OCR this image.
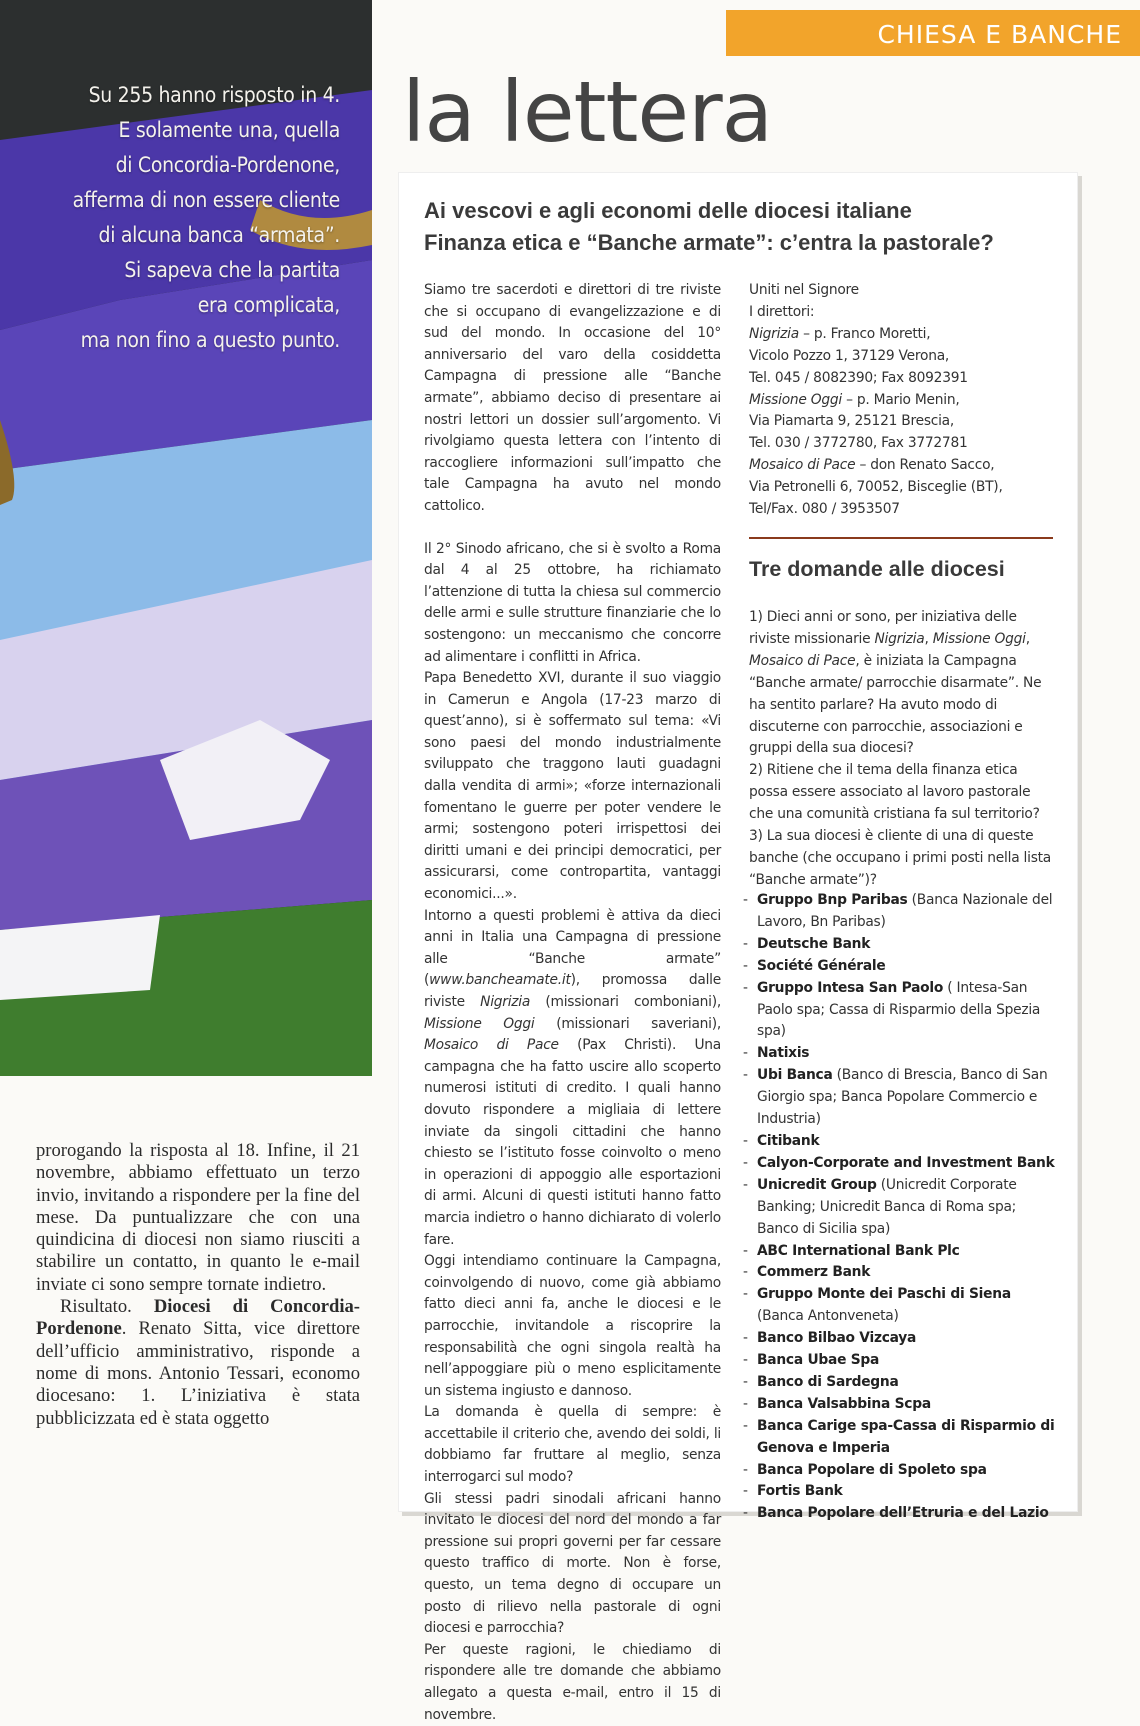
Su 255 hanno risposto in 4.
E solamente una, quella
di Concordia-Pordenone,
afferma di non essere cliente
di alcuna banca “armata”.
Si sapeva che la partita
era complicata,
ma non fino a questo punto.
CHIESA E BANCHE
la lettera
Ai vescovi e agli economi delle diocesi italiane
Finanza etica e “Banche armate”: c’entra la pastorale?

Siamo tre sacerdoti e direttori di tre riviste che si occupano di evangelizzazione e di sud del mondo. In occasione del 10° anniversario del varo della cosiddetta Campagna di pressione alle “Banche armate”, abbiamo deciso di presentare ai nostri lettori un dossier sull’argomento. Vi rivolgiamo questa lettera con l’intento di raccogliere informazioni sull’impatto che tale Campagna ha avuto nel mondo cattolico.

Il 2° Sinodo africano, che si è svolto a Roma dal 4 al 25 ottobre, ha richiamato l’attenzione di tutta la chiesa sul commercio delle armi e sulle strutture finanziarie che lo sostengono: un meccanismo che concorre ad alimentare i conflitti in Africa.

Papa Benedetto XVI, durante il suo viaggio in Camerun e Angola (17-23 marzo di quest’anno), si è soffermato sul tema: «Vi sono paesi del mondo industrialmente sviluppato che traggono lauti guadagni dalla vendita di armi»; «forze internazionali fomentano le guerre per poter vendere le armi; sostengono poteri irrispettosi dei diritti umani e dei principi democratici, per assicurarsi, come contropartita, vantaggi economici...».

Intorno a questi problemi è attiva da dieci anni in Italia una Campagna di pressione alle “Banche armate” (www.bancheamate.it), promossa dalle riviste Nigrizia (missionari comboniani), Missione Oggi (missionari saveriani), Mosaico di Pace (Pax Christi). Una campagna che ha fatto uscire allo scoperto numerosi istituti di credito. I quali hanno dovuto rispondere a migliaia di lettere inviate da singoli cittadini che hanno chiesto se l’istituto fosse coinvolto o meno in operazioni di appoggio alle esportazioni di armi. Alcuni di questi istituti hanno fatto marcia indietro o hanno dichiarato di volerlo fare.

Oggi intendiamo continuare la Campagna, coinvolgendo di nuovo, come già abbiamo fatto dieci anni fa, anche le diocesi e le parrocchie, invitandole a riscoprire la responsabilità che ogni singola realtà ha nell’appoggiare più o meno esplicitamente un sistema ingiusto e dannoso.

La domanda è quella di sempre: è accettabile il criterio che, avendo dei soldi, li dobbiamo far fruttare al meglio, senza interrogarci sul modo?

Gli stessi padri sinodali africani hanno invitato le diocesi del nord del mondo a far pressione sui propri governi per far cessare questo traffico di morte. Non è forse, questo, un tema degno di occupare un posto di rilievo nella pastorale di ogni diocesi e parrocchia?

Per queste ragioni, le chiediamo di rispondere alle tre domande che abbiamo allegato a questa e-mail, entro il 15 di novembre.

Uniti nel Signore

I direttori:

Nigrizia – p. Franco Moretti,

Vicolo Pozzo 1, 37129 Verona,

Tel. 045 / 8082390; Fax 8092391

Missione Oggi – p. Mario Menin,

Via Piamarta 9, 25121 Brescia,

Tel. 030 / 3772780, Fax 3772781

Mosaico di Pace – don Renato Sacco,

Via Petronelli 6, 70052, Bisceglie (BT),

Tel/Fax. 080 / 3953507

Tre domande alle diocesi

1) Dieci anni or sono, per iniziativa delle riviste missionarie Nigrizia, Missione Oggi, Mosaico di Pace, è iniziata la Campagna “Banche armate/ parrocchie disarmate”. Ne ha sentito parlare? Ha avuto modo di discuterne con parrocchie, associazioni e gruppi della sua diocesi?

2) Ritiene che il tema della finanza etica possa essere associato al lavoro pastorale che una comunità cristiana fa sul territorio?

3) La sua diocesi è cliente di una di queste banche (che occupano i primi posti nella lista “Banche armate”)?

- Gruppo Bnp Paribas (Banca Nazionale del Lavoro, Bn Paribas)
- Deutsche Bank
- Société Générale
- Gruppo Intesa San Paolo ( Intesa-San Paolo spa; Cassa di Risparmio della Spezia spa)
- Natixis
- Ubi Banca (Banco di Brescia, Banco di San Giorgio spa; Banca Popolare Commercio e Industria)
- Citibank
- Calyon-Corporate and Investment Bank
- Unicredit Group (Unicredit Corporate Banking; Unicredit Banca di Roma spa; Banco di Sicilia spa)
- ABC International Bank Plc
- Commerz Bank
- Gruppo Monte dei Paschi di Siena (Banca Antonveneta)
- Banco Bilbao Vizcaya
- Banca Ubae Spa
- Banco di Sardegna
- Banca Valsabbina Scpa
- Banca Carige spa-Cassa di Risparmio di Genova e Imperia
- Banca Popolare di Spoleto spa
- Fortis Bank
- Banca Popolare dell’Etruria e del Lazio

prorogando la risposta al 18. Infine, il 21 novembre, abbiamo effettuato un terzo invio, invitando a rispondere per la fine del mese. Da puntualizzare che con una quindicina di diocesi non siamo riusciti a stabilire un contatto, in quanto le e-mail inviate ci sono sempre tornate indietro.

Risultato. Diocesi di Concordia-Pordenone. Renato Sitta, vice direttore dell’ufficio amministrativo, risponde a nome di mons. Antonio Tessari, economo diocesano: 1. L’iniziativa è stata pubblicizzata ed è stata oggetto
